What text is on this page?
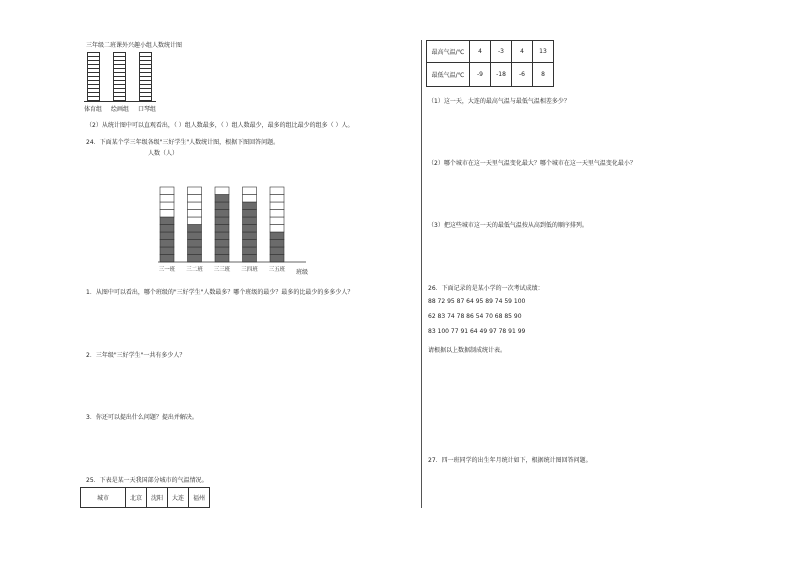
三年级二班课外兴趣小组人数统计图
体育组 绘画组 口琴组
（2）从统计图中可以直观看出，（ ）组人数最多，（ ）组人数最少，最多的组比最少的组多（ ）人。
24．下面某个学三年级各级"三好学生"人数统计图，根据下图回答问题。
人数（人）
三一班 三二班 三三班 三四班 三五班 班级
1．从图中可以看出，哪个班级的"三好学生"人数最多？哪个班级的最少？最多的比最少的多多少人？
2．三年级"三好学生"一共有多少人？
3．你还可以提出什么问题？提出并解决。
25．下表是某一天我国部分城市的气温情况。
城市	北京	沈阳	大连	福州
最高气温/℃	4	-3	4	13
最低气温/℃	-9	-18	-6	8
（1）这一天，大连的最高气温与最低气温相差多少？
（2）哪个城市在这一天里气温变化最大？哪个城市在这一天里气温变化最小？
（3）把这些城市这一天的最低气温按从高到低的顺序排列。
26．下面记录的是某小学的一次考试成绩：
88 72 95 87 64 95 89 74 59 100
62 83 74 78 86 54 70 68 85 90
83 100 77 91 64 49 97 78 91 99
请根据以上数据制成统计表。
27．四一班同学的出生年月统计如下，根据统计图回答问题。
